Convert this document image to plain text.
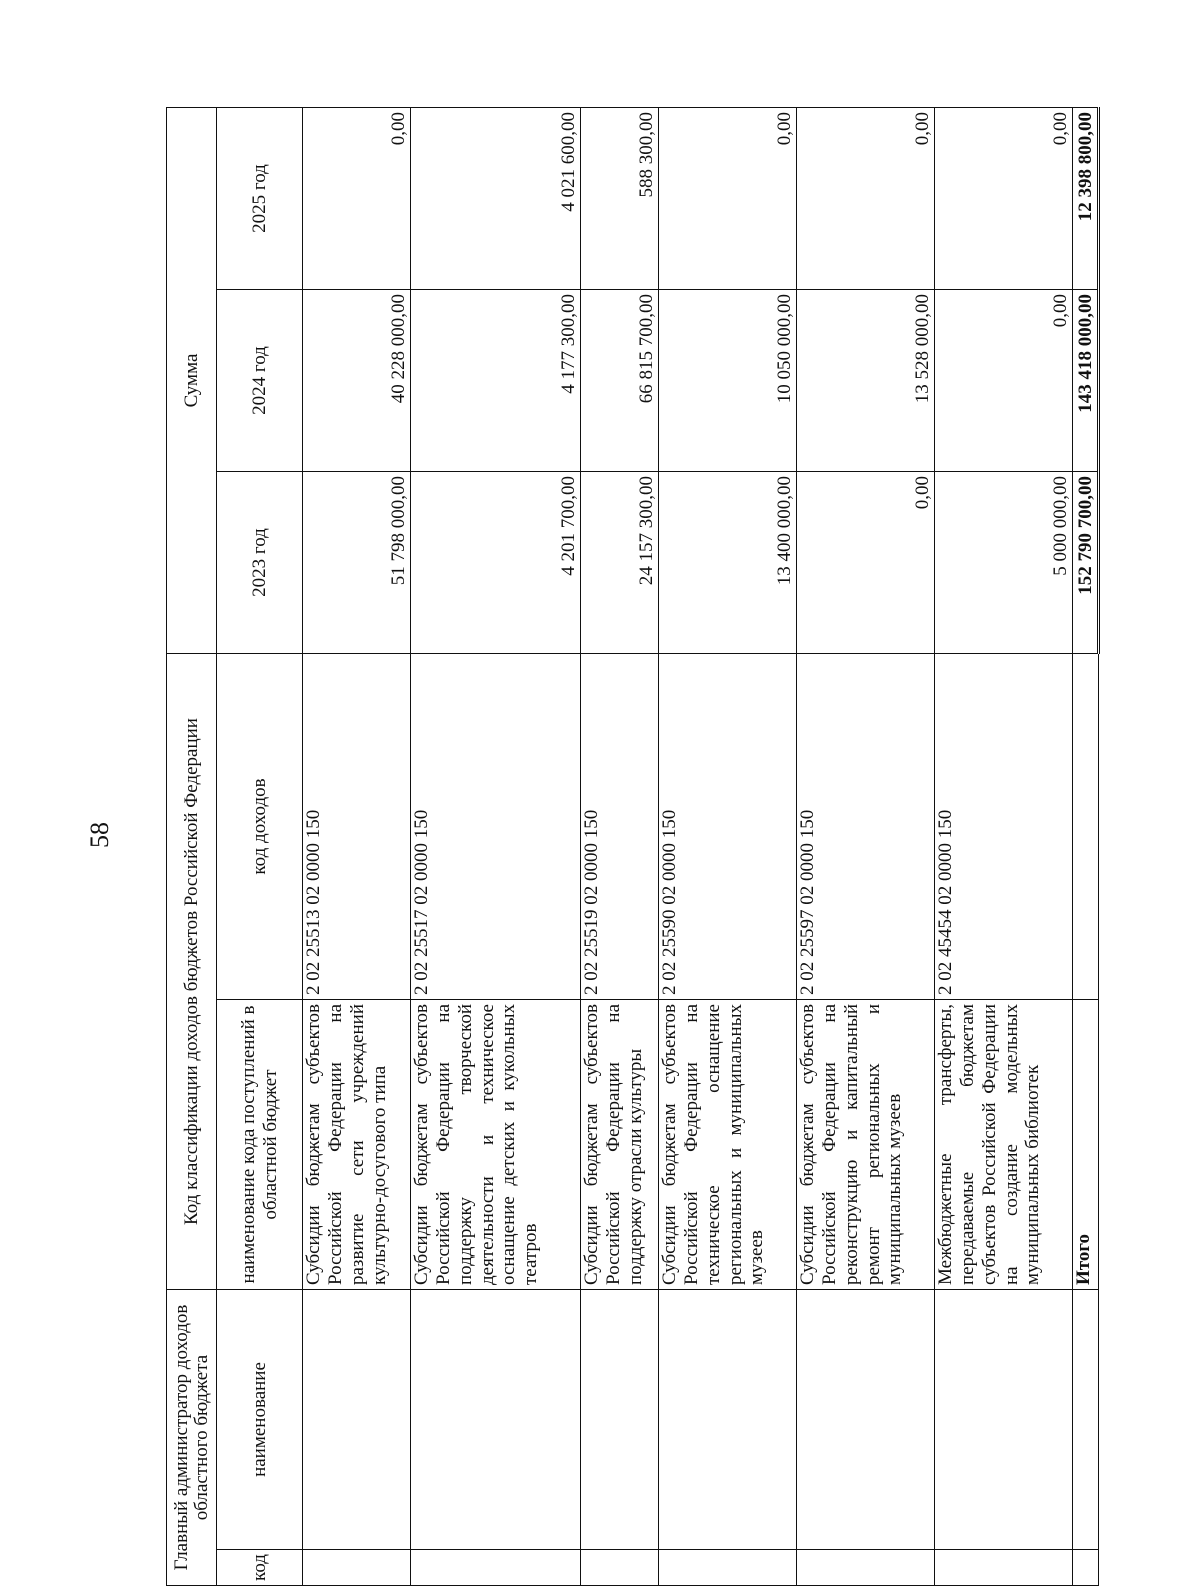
58
Главный администратор доходов областного бюджета		Код классификации доходов бюджетов Российской Федерации		Сумма		
код	наименование	наименование кода поступлений в областной бюджет	код доходов	2023 год	2024 год	2025 год
		Субсидии бюджетам субъектов Российской Федерации на развитие сети учреждений культурно-досугового типа	2 02 25513 02 0000 150	51 798 000,00	40 228 000,00	0,00
		Субсидии бюджетам субъектов Российской Федерации на поддержку творческой деятельности и техническое оснащение детских и кукольных театров	2 02 25517 02 0000 150	4 201 700,00	4 177 300,00	4 021 600,00
		Субсидии бюджетам субъектов Российской Федерации на поддержку отрасли культуры	2 02 25519 02 0000 150	24 157 300,00	66 815 700,00	588 300,00
		Субсидии бюджетам субъектов Российской Федерации на техническое оснащение региональных и муниципальных музеев	2 02 25590 02 0000 150	13 400 000,00	10 050 000,00	0,00
		Субсидии бюджетам субъектов Российской Федерации на реконструкцию и капитальный ремонт региональных и муниципальных музеев	2 02 25597 02 0000 150	0,00	13 528 000,00	0,00
		Межбюджетные трансферты, передаваемые бюджетам субъектов Российской Федерации на создание модельных муниципальных библиотек	2 02 45454 02 0000 150	5 000 000,00	0,00	0,00
		Итого		152 790 700,00	143 418 000,00	12 398 800,00
